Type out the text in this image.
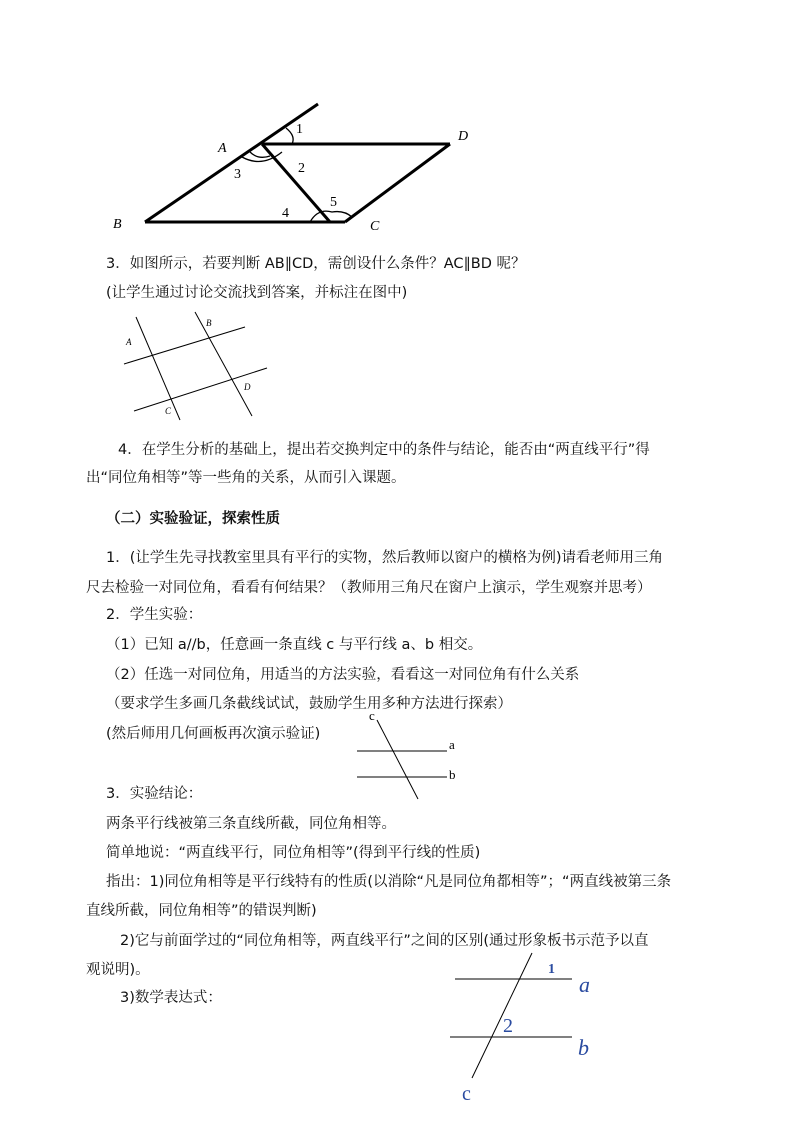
A
B	C
D
1
2
3
4
5
3．如图所示，若要判断 AB∥CD，需创设什么条件？AC∥BD 呢？
(让学生通过讨论交流找到答案，并标注在图中)
A
B
C
D
4．在学生分析的基础上，提出若交换判定中的条件与结论，能否由“两直线平行”得
出“同位角相等”等一些角的关系，从而引入课题。
（二）实验验证，探索性质
1．(让学生先寻找教室里具有平行的实物，然后教师以窗户的横格为例)请看老师用三角
尺去检验一对同位角，看看有何结果？（教师用三角尺在窗户上演示，学生观察并思考）
2．学生实验：
（1）已知 a//b，任意画一条直线 c 与平行线 a、b 相交。
（2）任选一对同位角，用适当的方法实验，看看这一对同位角有什么关系
（要求学生多画几条截线试试，鼓励学生用多种方法进行探索）
(然后师用几何画板再次演示验证)
c
a
b
3．实验结论：
两条平行线被第三条直线所截，同位角相等。
简单地说：“两直线平行，同位角相等”(得到平行线的性质)
指出：1)同位角相等是平行线特有的性质(以消除“凡是同位角都相等”；“两直线被第三条
直线所截，同位角相等”的错误判断)
2)它与前面学过的“同位角相等，两直线平行”之间的区别(通过形象板书示范予以直
观说明)。
3)数学表达式：
1
2
a
b
c
